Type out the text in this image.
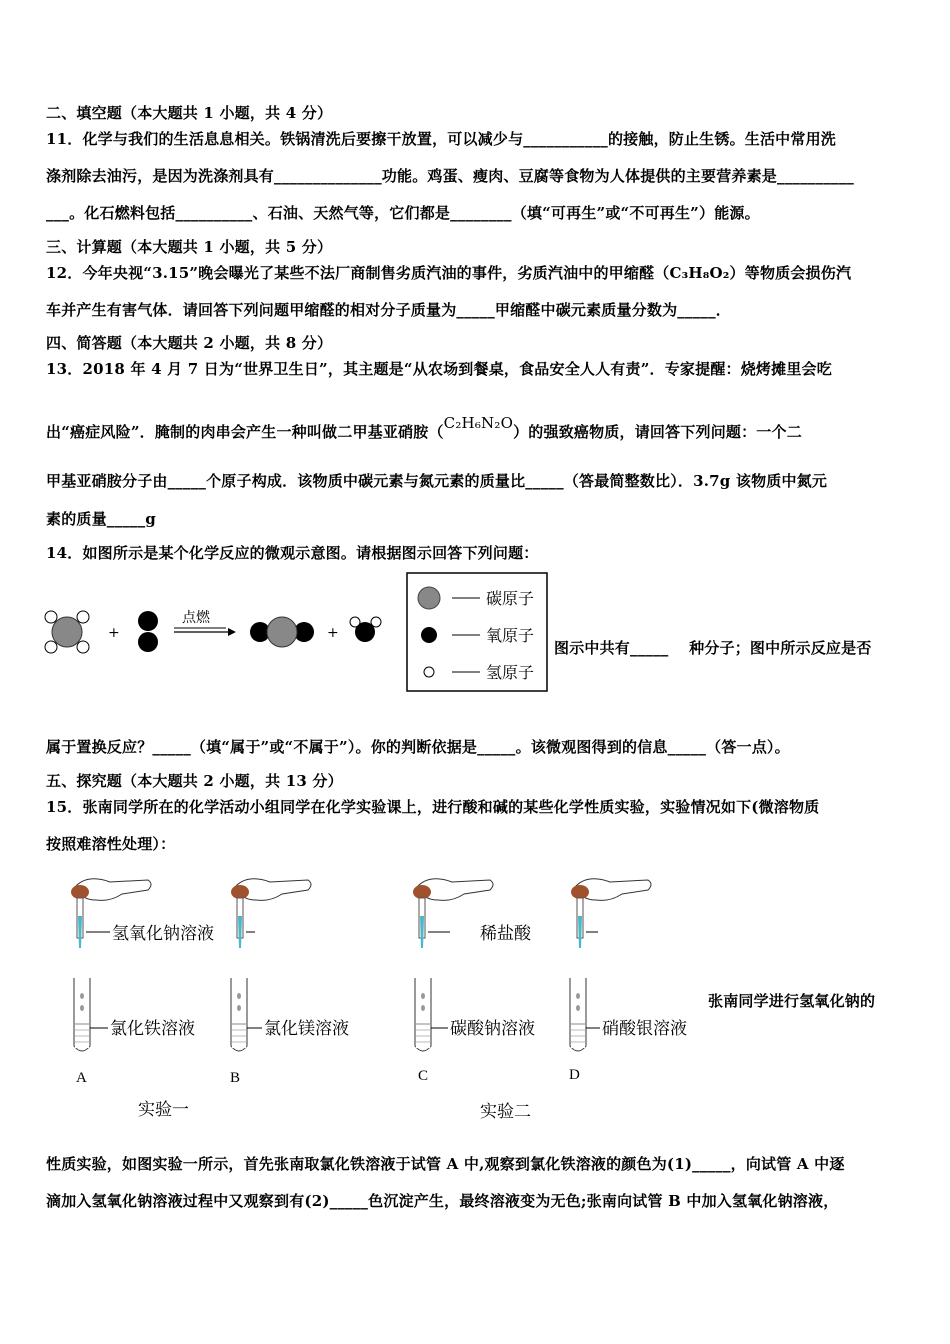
二、填空题（本大题共 1 小题，共 4 分）
11．化学与我们的生活息息相关。铁锅清洗后要擦干放置，可以减少与___________的接触，防止生锈。生活中常用洗
涤剂除去油污，是因为洗涤剂具有______________功能。鸡蛋、瘦肉、豆腐等食物为人体提供的主要营养素是__________
___。化石燃料包括__________、石油、天然气等，它们都是________（填“可再生”或“不可再生”）能源。
三、计算题（本大题共 1 小题，共 5 分）
12．今年央视“3.15”晚会曝光了某些不法厂商制售劣质汽油的事件，劣质汽油中的甲缩醛（C₃H₈O₂）等物质会损伤汽
车并产生有害气体．请回答下列问题甲缩醛的相对分子质量为_____甲缩醛中碳元素质量分数为_____．
四、简答题（本大题共 2 小题，共 8 分）
13．2018 年 4 月 7 日为“世界卫生日”，其主题是“从农场到餐桌，食品安全人人有责”．专家提醒：烧烤摊里会吃
出“癌症风险”．腌制的肉串会产生一种叫做二甲基亚硝胺（C₂H₆N₂O）的强致癌物质，请回答下列问题：一个二
甲基亚硝胺分子由_____个原子构成．该物质中碳元素与氮元素的质量比_____（答最简整数比）．3.7g 该物质中氮元
素的质量_____g
14．如图所示是某个化学反应的微观示意图。请根据图示回答下列问题：
+
点燃
+
碳原子
氧原子
氢原子
图示中共有_____　 种分子；图中所示反应是否
属于置换反应？_____（填“属于”或“不属于”）。你的判断依据是_____。该微观图得到的信息_____（答一点）。
五、探究题（本大题共 2 小题，共 13 分）
15．张南同学所在的化学活动小组同学在化学实验课上，进行酸和碱的某些化学性质实验，实验情况如下(微溶物质
按照难溶性处理）：
氢氧化钠溶液	稀盐酸
氯化铁溶液	氯化镁溶液	碳酸钠溶液	硝酸银溶液
A	B	C	D
实验一	实验二
张南同学进行氢氧化钠的
性质实验，如图实验一所示，首先张南取氯化铁溶液于试管 A 中,观察到氯化铁溶液的颜色为(1)_____，向试管 A 中逐
滴加入氢氧化钠溶液过程中又观察到有(2)_____色沉淀产生，最终溶液变为无色;张南向试管 B 中加入氢氧化钠溶液，
